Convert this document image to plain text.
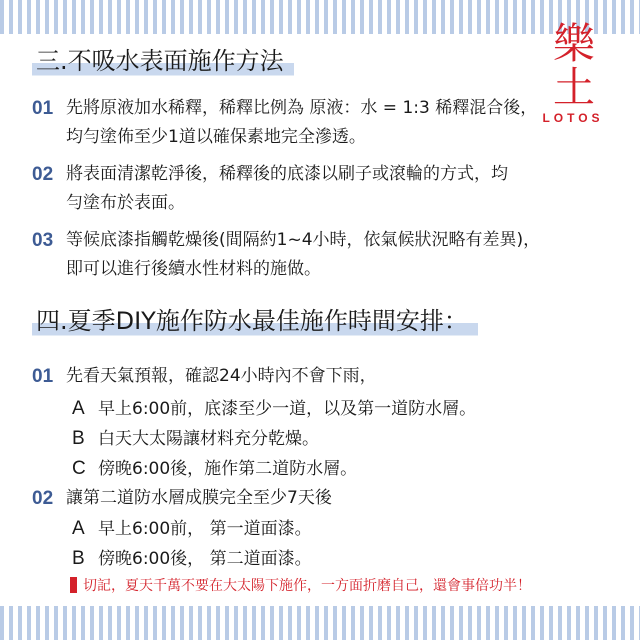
樂土
LOTOS
三.不吸水表面施作方法
01 先將原液加水稀釋，稀釋比例為 原液：水 = 1:3 稀釋混合後，
均勻塗佈至少1道以確保素地完全滲透。
02 將表面清潔乾淨後，稀釋後的底漆以刷子或滾輪的方式，均
勻塗布於表面。
03 等候底漆指觸乾燥後(間隔約1~4小時，依氣候狀況略有差異)，
即可以進行後續水性材料的施做。
四.夏季DIY施作防水最佳施作時間安排：
01 先看天氣預報，確認24小時內不會下雨，
A 早上6:00前，底漆至少一道，以及第一道防水層。
B 白天大太陽讓材料充分乾燥。
C 傍晚6:00後，施作第二道防水層。
02 讓第二道防水層成膜完全至少7天後
A 早上6:00前， 第一道面漆。
B 傍晚6:00後， 第二道面漆。
切記，夏天千萬不要在大太陽下施作，一方面折磨自己，還會事倍功半！
